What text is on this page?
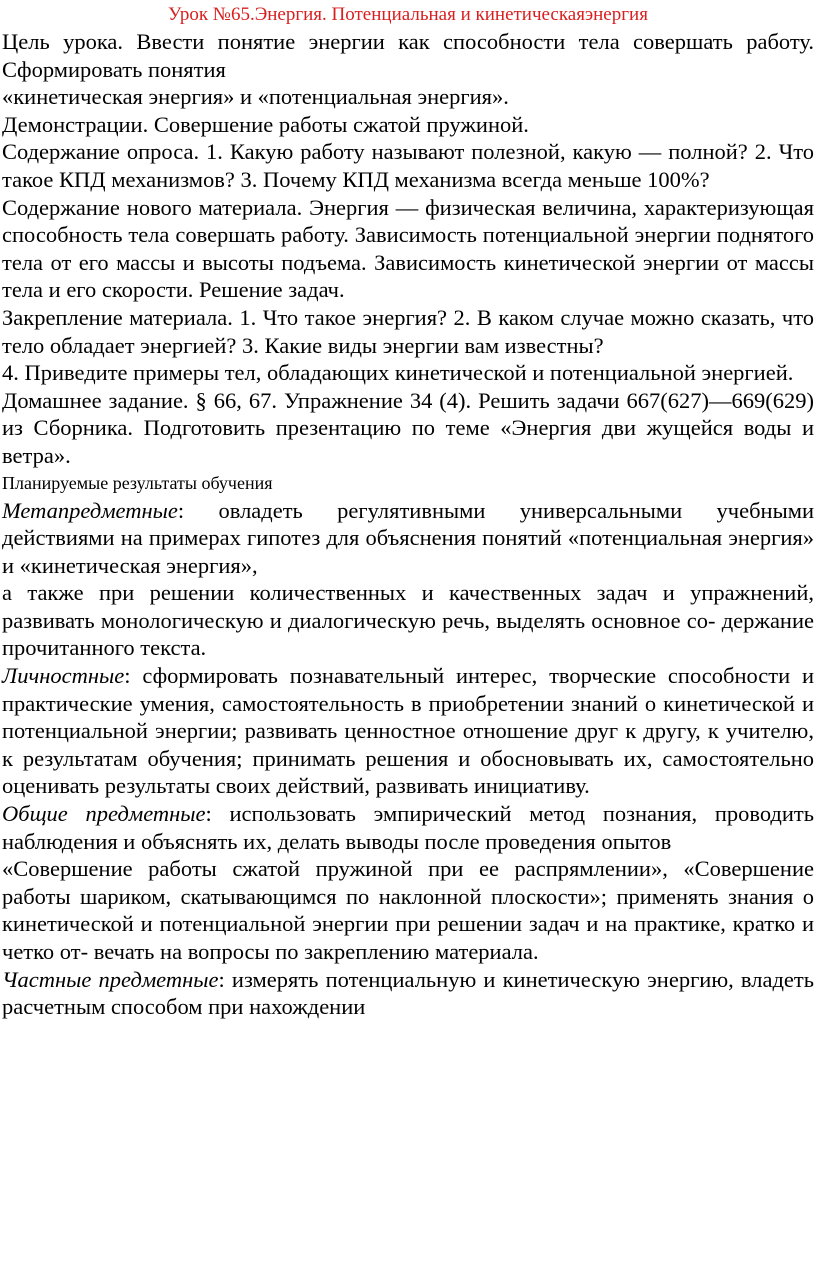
Урок №65.Энергия. Потенциальная и кинетическаяэнергия

Цель урока. Ввести понятие энергии как способности тела совершать работу. Сформировать понятия

«кинетическая энергия» и «потенциальная энергия».

Демонстрации. Совершение работы сжатой пружиной.

Содержание опроса. 1. Какую работу называют полезной, какую — полной? 2. Что такое КПД механизмов? 3. Почему КПД механизма всегда меньше 100%?

Содержание нового материала. Энергия — физическая величина, характеризующая способность тела совершать работу. Зависимость потенциальной энергии поднятого тела от его массы и высоты подъема. Зависимость кинетической энергии от массы тела и его скорости. Решение задач.

Закрепление материала. 1. Что такое энергия? 2. В каком случае можно сказать, что тело обладает энергией? 3. Какие виды энергии вам известны?

4. Приведите примеры тел, обладающих кинетической и потенциальной энергией.

Домашнее задание. § 66, 67. Упражнение 34 (4). Решить задачи 667(627)—669(629) из Сборника. Подготовить презентацию по теме «Энергия дви жущейся воды и ветра».

Планируемые результаты обучения

Метапредметные: овладеть регулятивными универсальными учебными действиями на примерах гипотез для объяснения понятий «потенциальная энергия» и «кинетическая энергия»,

а также при решении количественных и качественных задач и упражнений, развивать монологическую и диалогическую речь, выделять основное со- держание прочитанного текста.

Личностные: сформировать познавательный интерес, творческие способности и практические умения, самостоятельность в приобретении знаний о кинетической и потенциальной энергии; развивать ценностное отношение друг к другу, к учителю, к результатам обучения; принимать решения и обосновывать их, самостоятельно оценивать результаты своих действий, развивать инициативу.

Общие предметные: использовать эмпирический метод познания, проводить наблюдения и объяснять их, делать выводы после проведения опытов

«Совершение работы сжатой пружиной при ее распрямлении», «Совершение работы шариком, скатывающимся по наклонной плоскости»; применять знания о кинетической и потенциальной энергии при решении задач и на практике, кратко и четко от- вечать на вопросы по закреплению материала.

Частные предметные: измерять потенциальную и кинетическую энергию, владеть расчетным способом при нахождении
